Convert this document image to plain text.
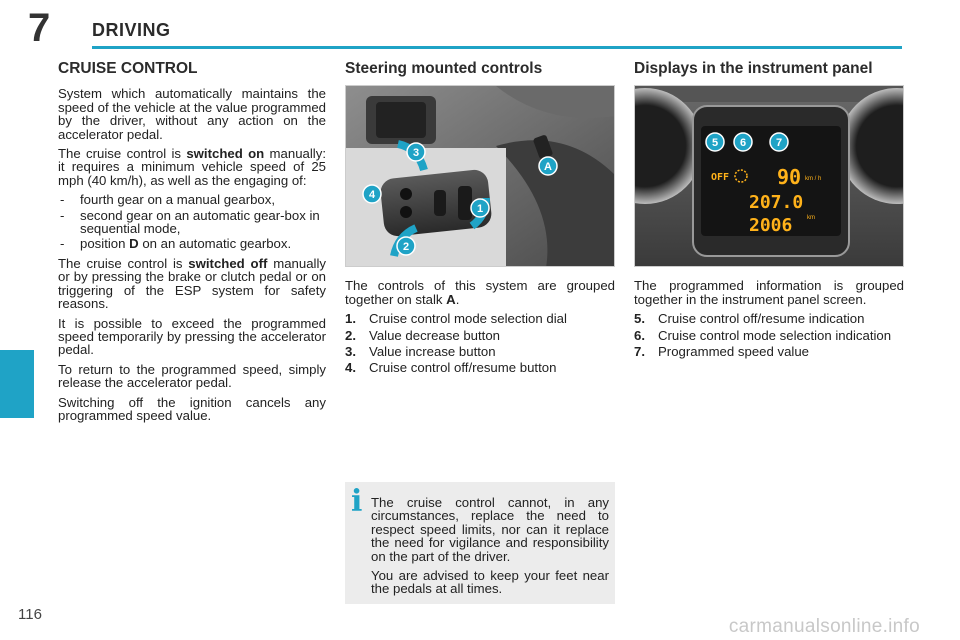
7 DRIVING
116
CRUISE CONTROL

System which automatically maintains the speed of the vehicle at the value programmed by the driver, without any action on the accelerator pedal.

The cruise control is switched on manually: it requires a minimum vehicle speed of 25 mph (40 km/h), as well as the engaging of:

- fourth gear on a manual gearbox,
- second gear on an automatic gear-box in sequential mode,
- position D on an automatic gearbox.

The cruise control is switched off manually or by pressing the brake or clutch pedal or on triggering of the ESP system for safety reasons.

It is possible to exceed the programmed speed temporarily by pressing the accelerator pedal.

To return to the programmed speed, simply release the accelerator pedal.

Switching off the ignition cancels any programmed speed value.

Steering mounted controls
3
4
1
2
A

The controls of this system are grouped together on stalk A.

1. Cruise control mode selection dial
2. Value decrease button
3. Value increase button
4. Cruise control off/resume button
Displays in the instrument panel
5 6	7
OFF 90 km / h
207.0
2006 km

The programmed information is grouped together in the instrument panel screen.

5. Cruise control off/resume indication
6. Cruise control mode selection indication
7. Programmed speed value
i The cruise control cannot, in any circumstances, replace the need to respect speed limits, nor can it replace the need for vigilance and responsibility on the part of the driver.

You are advised to keep your feet near the pedals at all times.

carmanualsonline.info
